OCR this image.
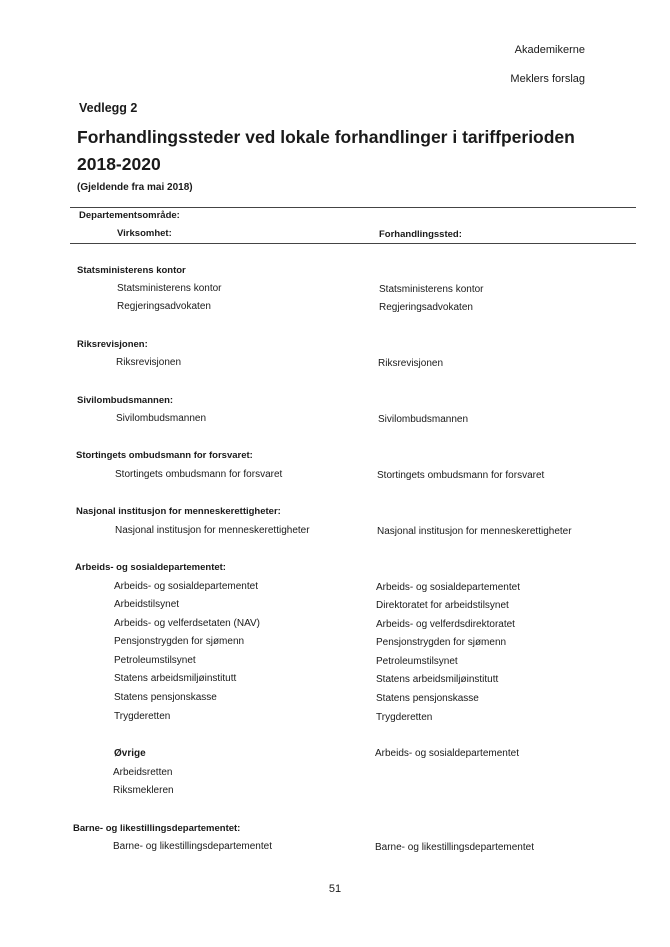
Akademikerne
Meklers forslag
Vedlegg 2
Forhandlingssteder ved lokale forhandlinger i tariffperioden 2018-2020
(Gjeldende fra mai 2018)
Departementsområde:
Virksomhet:	Forhandlingssted:
Statsministerens kontor
Statsministerens kontor	Statsministerens kontor
Regjeringsadvokaten	Regjeringsadvokaten
Riksrevisjonen:
Riksrevisjonen	Riksrevisjonen
Sivilombudsmannen:
Sivilombudsmannen	Sivilombudsmannen
Stortingets ombudsmann for forsvaret:
Stortingets ombudsmann for forsvaret	Stortingets ombudsmann for forsvaret
Nasjonal institusjon for menneskerettigheter:
Nasjonal institusjon for menneskerettigheter	Nasjonal institusjon for menneskerettigheter
Arbeids- og sosialdepartementet:
Arbeids- og sosialdepartementet	Arbeids- og sosialdepartementet
Arbeidstilsynet	Direktoratet for arbeidstilsynet
Arbeids- og velferdsetaten (NAV)	Arbeids- og velferdsdirektoratet
Pensjonstrygden for sjømenn	Pensjonstrygden for sjømenn
Petroleumstilsynet	Petroleumstilsynet
Statens arbeidsmiljøinstitutt	Statens arbeidsmiljøinstitutt
Statens pensjonskasse	Statens pensjonskasse
Trygderetten	Trygderetten
Øvrige	Arbeids- og sosialdepartementet
Arbeidsretten
Riksmekleren
Barne- og likestillingsdepartementet:
Barne- og likestillingsdepartementet	Barne- og likestillingsdepartementet
51
